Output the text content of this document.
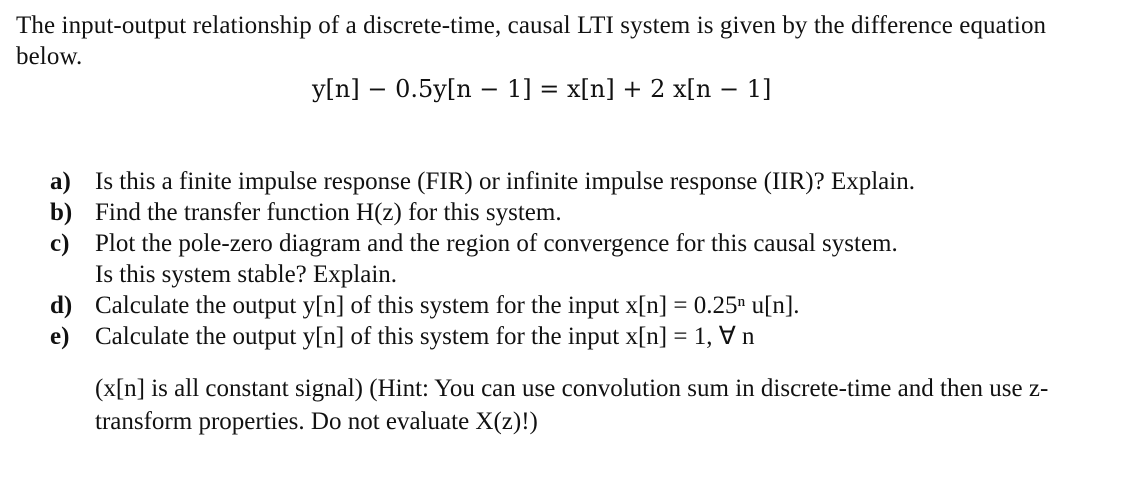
The input-output relationship of a discrete-time, causal LTI system is given by the difference equation below.
y[n] − 0.5y[n − 1] = x[n] + 2 x[n − 1]
a) Is this a finite impulse response (FIR) or infinite impulse response (IIR)? Explain.
b) Find the transfer function H(z) for this system.
c)	Plot the pole-zero diagram and the region of convergence for this causal system.
Is this system stable? Explain.
d) Calculate the output y[n] of this system for the input x[n] = 0.25ⁿ u[n].
e)	Calculate the output y[n] of this system for the input x[n] = 1, ∀ n
(x[n] is all constant signal) (Hint: You can use convolution sum in discrete-time and then use z-transform properties. Do not evaluate X(z)!)
